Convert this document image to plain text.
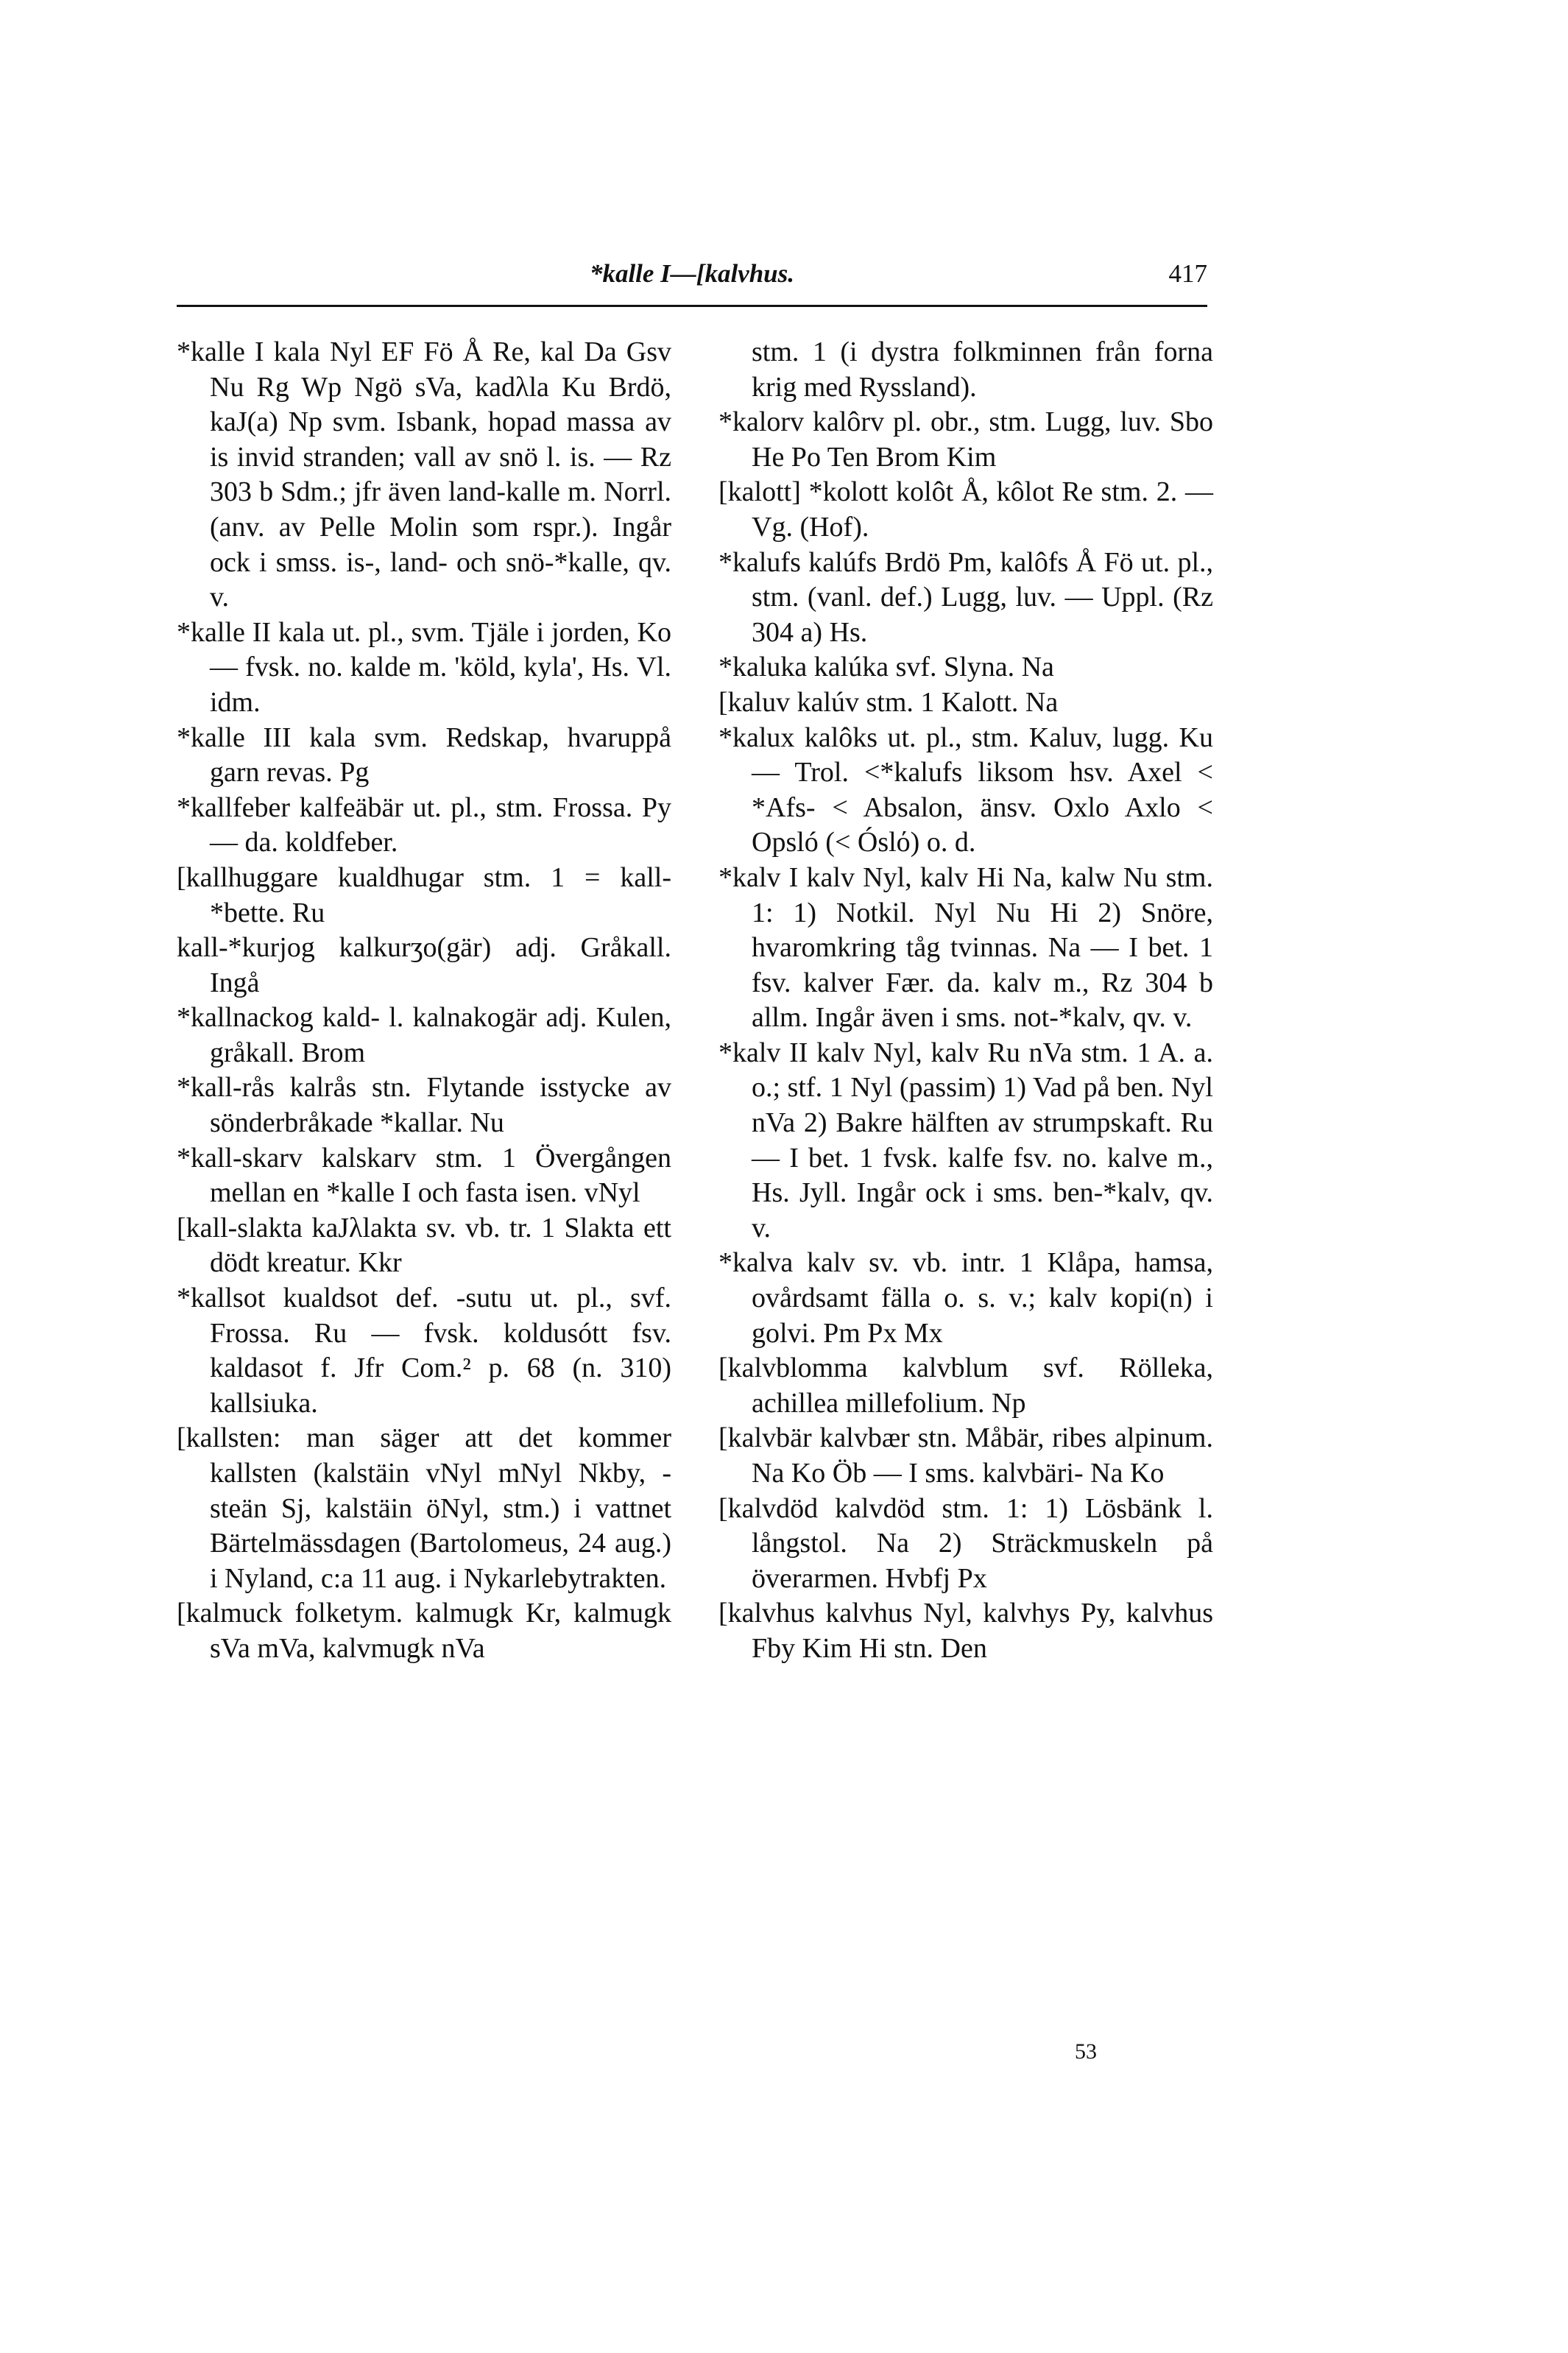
*kalle I—[kalvhus.	417

*kalle I kala Nyl EF Fö Å Re, kal Da Gsv Nu Rg Wp Ngö sVa, kadλla Ku Brdö, kaJ(a) Np svm. Isbank, hopad massa av is invid stranden; vall av snö l. is. — Rz 303 b Sdm.; jfr även land-kalle m. Norrl. (anv. av Pelle Molin som rspr.). Ingår ock i smss. is-, land- och snö-*kalle, qv. v.

*kalle II kala ut. pl., svm. Tjäle i jorden, Ko — fvsk. no. kalde m. 'köld, kyla', Hs. Vl. idm.

*kalle III kala svm. Redskap, hvaruppå garn revas. Pg

*kallfeber kalfeäbär ut. pl., stm. Frossa. Py — da. koldfeber.

[kallhuggare kualdhugar stm. 1 = kall-*bette. Ru

kall-*kurjog kalkurʒo(gär) adj. Gråkall. Ingå

*kallnackog kald- l. kalnakogär adj. Kulen, gråkall. Brom

*kall-rås kalrås stn. Flytande isstycke av sönderbråkade *kallar. Nu

*kall-skarv kalskarv stm. 1 Övergången mellan en *kalle I och fasta isen. vNyl

[kall-slakta kaJλlakta sv. vb. tr. 1 Slakta ett dödt kreatur. Kkr

*kallsot kualdsot def. -sutu ut. pl., svf. Frossa. Ru — fvsk. koldusótt fsv. kaldasot f. Jfr Com.² p. 68 (n. 310) kallsiuka.

[kallsten: man säger att det kommer kallsten (kalstäin vNyl mNyl Nkby, -steän Sj, kalstäin öNyl, stm.) i vattnet Bärtelmässdagen (Bartolomeus, 24 aug.) i Nyland, c:a 11 aug. i Nykarlebytrakten.

[kalmuck folketym. kalmugk Kr, kalmugk sVa mVa, kalvmugk nVa

stm. 1 (i dystra folkminnen från forna krig med Ryssland).

*kalorv kalôrv pl. obr., stm. Lugg, luv. Sbo He Po Ten Brom Kim

[kalott] *kolott kolôt Å, kôlot Re stm. 2. — Vg. (Hof).

*kalufs kalúfs Brdö Pm, kalôfs Å Fö ut. pl., stm. (vanl. def.) Lugg, luv. — Uppl. (Rz 304 a) Hs.

*kaluka kalúka svf. Slyna. Na

[kaluv kalúv stm. 1 Kalott. Na

*kalux kalôks ut. pl., stm. Kaluv, lugg. Ku — Trol. <*kalufs liksom hsv. Axel < *Afs- < Absalon, änsv. Oxlo Axlo < Opsló (< Óslό) o. d.

*kalv I kalv Nyl, kalv Hi Na, kalw Nu stm. 1: 1) Notkil. Nyl Nu Hi 2) Snöre, hvaromkring tåg tvinnas. Na — I bet. 1 fsv. kalver Fær. da. kalv m., Rz 304 b allm. Ingår även i sms. not-*kalv, qv. v.

*kalv II kalv Nyl, kalv Ru nVa stm. 1 A. a. o.; stf. 1 Nyl (passim) 1) Vad på ben. Nyl nVa 2) Bakre hälften av strumpskaft. Ru — I bet. 1 fvsk. kalfe fsv. no. kalve m., Hs. Jyll. Ingår ock i sms. ben-*kalv, qv. v.

*kalva kalv sv. vb. intr. 1 Klåpa, hamsa, ovårdsamt fälla o. s. v.; kalv kopi(n) i golvi. Pm Px Mx

[kalvblomma kalvblum svf. Rölleka, achillea millefolium. Np

[kalvbär kalvbær stn. Måbär, ribes alpinum. Na Ko Öb — I sms. kalvbäri- Na Ko

[kalvdöd kalvdöd stm. 1: 1) Lösbänk l. långstol. Na 2) Sträckmuskeln på överarmen. Hvbfj Px

[kalvhus kalvhus Nyl, kalvhys Py, kalvhus Fby Kim Hi stn. Den

53
